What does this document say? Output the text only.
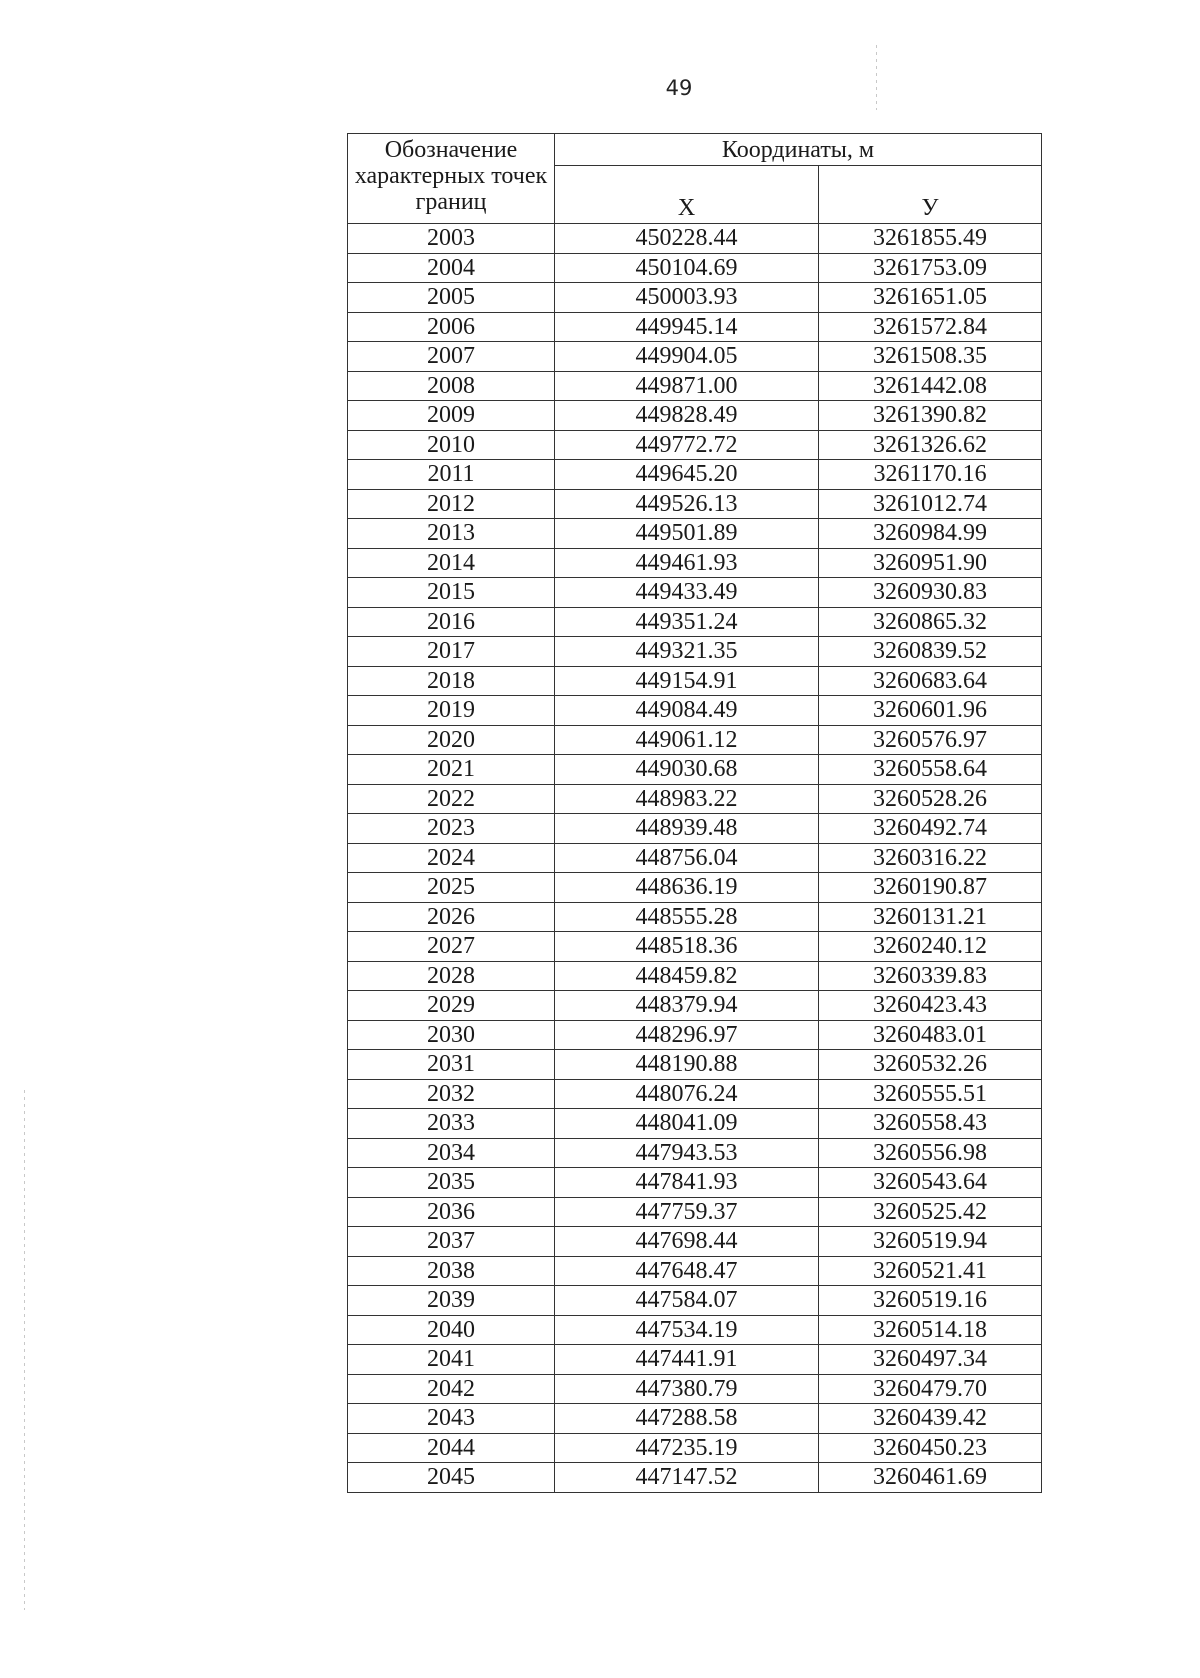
49
Обозначение характерных точек границ	Координаты, м	
	Х	У
2003	450228.44	3261855.49
2004	450104.69	3261753.09
2005	450003.93	3261651.05
2006	449945.14	3261572.84
2007	449904.05	3261508.35
2008	449871.00	3261442.08
2009	449828.49	3261390.82
2010	449772.72	3261326.62
2011	449645.20	3261170.16
2012	449526.13	3261012.74
2013	449501.89	3260984.99
2014	449461.93	3260951.90
2015	449433.49	3260930.83
2016	449351.24	3260865.32
2017	449321.35	3260839.52
2018	449154.91	3260683.64
2019	449084.49	3260601.96
2020	449061.12	3260576.97
2021	449030.68	3260558.64
2022	448983.22	3260528.26
2023	448939.48	3260492.74
2024	448756.04	3260316.22
2025	448636.19	3260190.87
2026	448555.28	3260131.21
2027	448518.36	3260240.12
2028	448459.82	3260339.83
2029	448379.94	3260423.43
2030	448296.97	3260483.01
2031	448190.88	3260532.26
2032	448076.24	3260555.51
2033	448041.09	3260558.43
2034	447943.53	3260556.98
2035	447841.93	3260543.64
2036	447759.37	3260525.42
2037	447698.44	3260519.94
2038	447648.47	3260521.41
2039	447584.07	3260519.16
2040	447534.19	3260514.18
2041	447441.91	3260497.34
2042	447380.79	3260479.70
2043	447288.58	3260439.42
2044	447235.19	3260450.23
2045	447147.52	3260461.69
